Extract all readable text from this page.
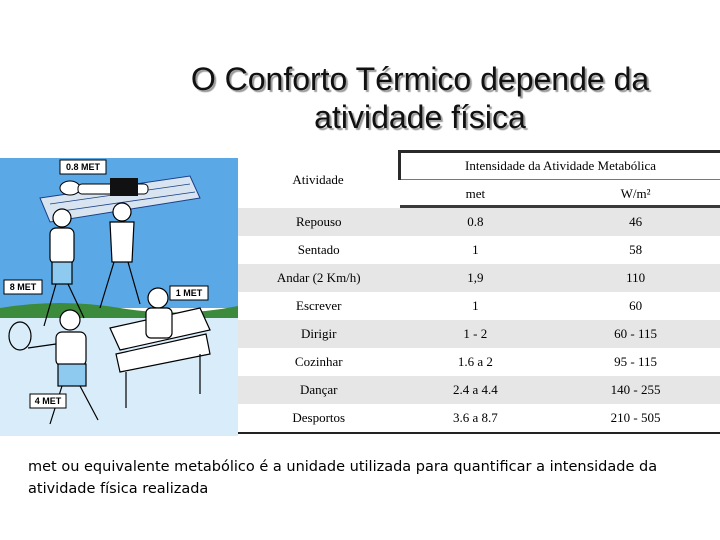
O Conforto Térmico depende da
atividade física
0.8 MET
8 MET
1 MET
4 MET
Atividade	Intensidade da Atividade Metabólica	
	met	W/m²
Repouso	0.8	46
Sentado	1	58
Andar (2 Km/h)	1,9	110
Escrever	1	60
Dirigir	1 - 2	60 - 115
Cozinhar	1.6 a 2	95 - 115
Dançar	2.4 a 4.4	140 - 255
Desportos	3.6 a 8.7	210 - 505
met ou equivalente metabólico é a unidade utilizada para quantificar a intensidade da atividade física realizada
